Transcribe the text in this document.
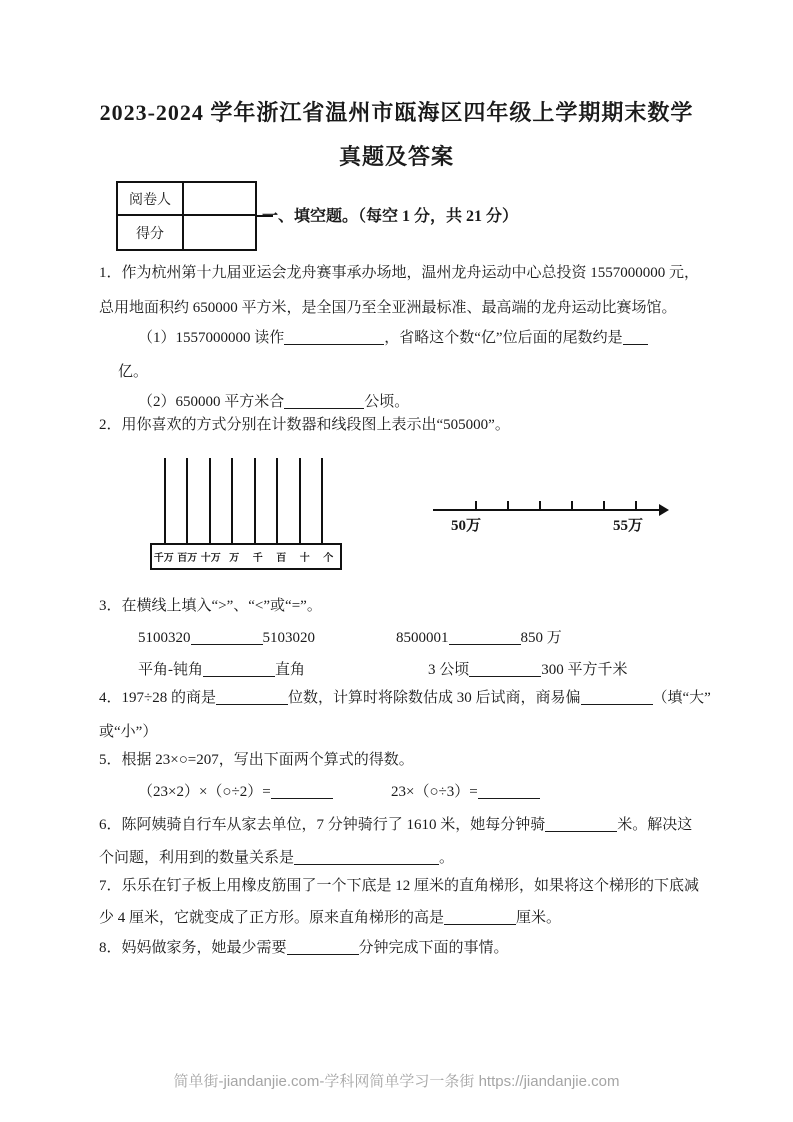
2023-2024 学年浙江省温州市瓯海区四年级上学期期末数学
真题及答案
阅卷人
得分
一、填空题。（每空 1 分，共 21 分）
1．作为杭州第十九届亚运会龙舟赛事承办场地，温州龙舟运动中心总投资 1557000000 元，
总用地面积约 650000 平方米，是全国乃至全亚洲最标准、最高端的龙舟运动比赛场馆。
（1）1557000000 读作	，省略这个数“亿”位后面的尾数约是
亿。
（2）650000 平方米合	公顷。
2．用你喜欢的方式分别在计数器和线段图上表示出“505000”。
千万 百万 十万 万	千	百	十	个
50万	55万
3．在横线上填入“>”、“<”或“=”。
5100320	5103020	8500001	850 万
平角-钝角	直角	3 公顷	300 平方千米
4．197÷28 的商是	位数，计算时将除数估成 30 后试商，商易偏	（填“大”
或“小”）
5．根据 23×○=207，写出下面两个算式的得数。
（23×2）×（○÷2）=	23×（○÷3）=
6．陈阿姨骑自行车从家去单位，7 分钟骑行了 1610 米，她每分钟骑	米。解决这
个问题，利用到的数量关系是	。
7．乐乐在钉子板上用橡皮筋围了一个下底是 12 厘米的直角梯形，如果将这个梯形的下底减
少 4 厘米，它就变成了正方形。原来直角梯形的高是	厘米。
8．妈妈做家务，她最少需要	分钟完成下面的事情。
简单街-jiandanjie.com-学科网简单学习一条街 https://jiandanjie.com
